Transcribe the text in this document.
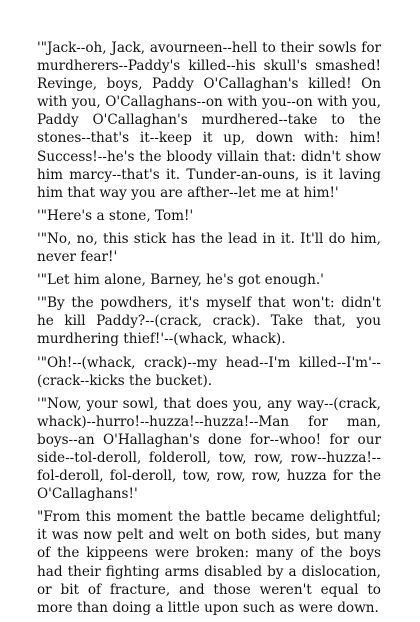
'"Jack--oh, Jack, avourneen--hell to their sowls for murdherers--Paddy's killed--his skull's smashed! Revinge, boys, Paddy O'Callaghan's killed! On with you, O'Callaghans--on with you--on with you, Paddy O'Callaghan's murdhered--take to the stones--that's it--keep it up, down with: him! Success!--he's the bloody villain that: didn't show him marcy--that's it. Tunder-an-ouns, is it laving him that way you are afther--let me at him!'

'"Here's a stone, Tom!'

'"No, no, this stick has the lead in it. It'll do him, never fear!'

'"Let him alone, Barney, he's got enough.'

'"By the powdhers, it's myself that won't: didn't he kill Paddy?--(crack, crack). Take that, you murdhering thief!'--(whack, whack).

'"Oh!--(whack, crack)--my head--I'm killed--I'm'--(crack--kicks the bucket).

'"Now, your sowl, that does you, any way--(crack, whack)--hurro!--huzza!--huzza!--Man for man, boys--an O'Hallaghan's done for--whoo! for our side--tol-deroll, folderoll, tow, row, row--huzza!--fol-deroll, fol-deroll, tow, row, row, huzza for the O'Callaghans!'

"From this moment the battle became delightful; it was now pelt and welt on both sides, but many of the kippeens were broken: many of the boys had their fighting arms disabled by a dislocation, or bit of fracture, and those weren't equal to more than doing a little upon such as were down.
